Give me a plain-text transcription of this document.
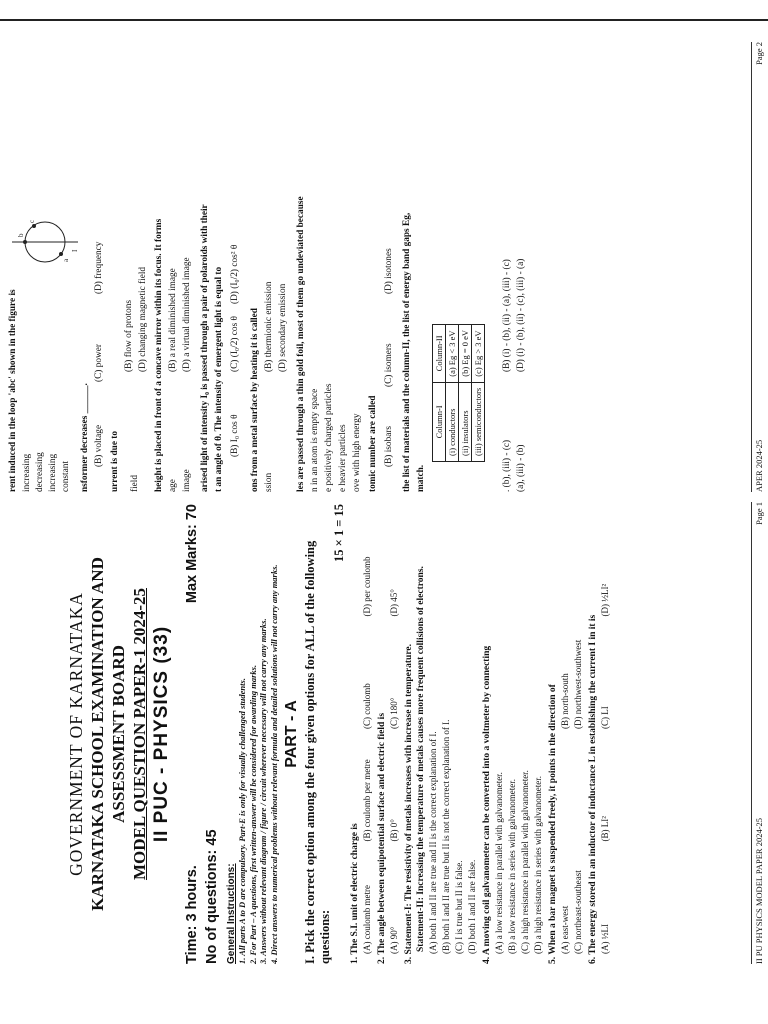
GOVERNMENT OF KARNATAKA KARNATAKA SCHOOL EXAMINATION AND ASSESSMENT BOARD MODEL QUESTION PAPER-1 2024-25 II PUC - PHYSICS (33)
Time: 3 hours.
Max Marks: 70
No of questions: 45 General Instructions: 1. All parts A to D are compulsory. Part-E is only for visually challenged students. 2. For Part – A questions, first written-answer will be considered for awarding marks. 3. Answers without relevant diagram / figure / circuit wherever necessary will not carry any marks. 4. Direct answers to numerical problems without relevant formula and detailed solutions will not carry any marks. PART - A I. Pick the correct option among the four given options for ALL of the following questions:
15 × 1 = 15
1. The S.I. unit of electric charge is (A) coulomb metre
(B) coulomb per metre
(C) coulomb
(D) per coulomb
2. The angle between equipotential surface and electric field is (A) 90°
(B) 0°
(C) 180°
(D) 45°
3. Statement-I: The resistivity of metals increases with increase in temperature. Statement-II: Increasing the temperature of metals causes more frequent collisions of electrons. (A) both I and II are true and II is the correct explanation of I. (B) both I and II are true but II is not the correct explanation of I. (C) I is true but II is false. (D) both I and II are false. 4. A moving coil galvanometer can be converted into a voltmeter by connecting (A) a low resistance in parallel with galvanometer. (B) a low resistance in series with galvanometer. (C) a high resistance in parallel with galvanometer. (D) a high resistance in series with galvanometer. 5. When a bar magnet is suspended freely, it points in the direction of (A) east-west
(B) north-south
(C) northeast-southeast
(D) northwest-southwest 6. The energy stored in an inductor of inductance L in establishing the current I in it is (A) ½LI
(B) LI²
(C) LI
(D) ½LI²
II PU PHYSICS MODEL PAPER 2024-25
Page 1
rent induced in the loop 'abc' shown in the figure is increasing decreasing increasing constant
b
c
a
I
nsformer decreases ______. (B) voltage
(C) power
(D) frequency
urrent is due to field
(B) flow of protons (D) changing magnetic field height is placed in front of a concave mirror within its focus. It forms age
(B) a real diminished image
image
(D) a virtual diminished image arised light of intensity I₀ is passed through a pair of polaroids with their t an angle of θ. The intensity of emergent light is equal to (B) I₀ cos θ
(C) (I₀/2) cos θ
(D) (I₀/2) cos² θ
ons from a metal surface by heating it is called ssion
(B) thermionic emission (D) secondary emission les are passed through a thin gold foil, most of them go undeviated because n in an atom is empty space e positively charged particles e heavier particles ove with high energy tomic number are called (B) isobars
(C) isomers
(D) isotones the list of materials and the column-II, the list of energy band gaps Eg, match.
Column-I	Column-II
(i) conductors	(a) Eg < 3 eV
(ii) insulators	(b) Eg = 0 eV
(iii) semiconductors	(c) Eg > 3 eV
. (b), (iii) - (c)
(B) (i) - (b), (ii) - (a), (iii) - (c)
(a), (iii) - (b)
(D) (i) - (b), (ii) - (c), (iii) - (a)
APER 2024-25
Page 2
